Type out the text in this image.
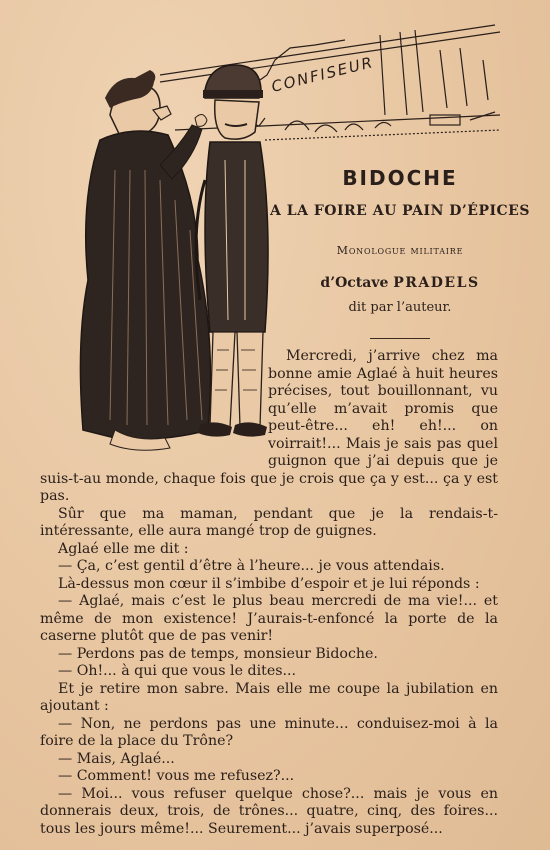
CONFISEUR
BIDOCHE
A LA FOIRE AU PAIN D’ÉPICES
Monologue militaire
d’Octave PRADELS
dit par l’auteur.

Mercredi, j’arrive chez ma bonne amie Aglaé à huit heures précises, tout bouillonnant, vu qu’elle m’avait promis que peut-être... eh! eh!... on voirrait!... Mais je sais pas quel guignon que j’ai depuis que je suis-t-au monde, chaque fois que je crois que ça y est... ça y est pas.

Sûr que ma maman, pendant que je la rendais-t-intéressante, elle aura mangé trop de guignes.

Aglaé elle me dit :

— Ça, c’est gentil d’être à l’heure... je vous attendais.

Là-dessus mon cœur il s’imbibe d’espoir et je lui réponds :

— Aglaé, mais c’est le plus beau mercredi de ma vie!... et même de mon existence! J’aurais-t-enfoncé la porte de la caserne plutôt que de pas venir!

— Perdons pas de temps, monsieur Bidoche.

— Oh!... à qui que vous le dites...

Et je retire mon sabre. Mais elle me coupe la jubilation en ajoutant :

— Non, ne perdons pas une minute... conduisez-moi à la foire de la place du Trône?

— Mais, Aglaé...

— Comment! vous me refusez?...

— Moi... vous refuser quelque chose?... mais je vous en donnerais deux, trois, de trônes... quatre, cinq, des foires... tous les jours même!... Seurement... j’avais superposé...
